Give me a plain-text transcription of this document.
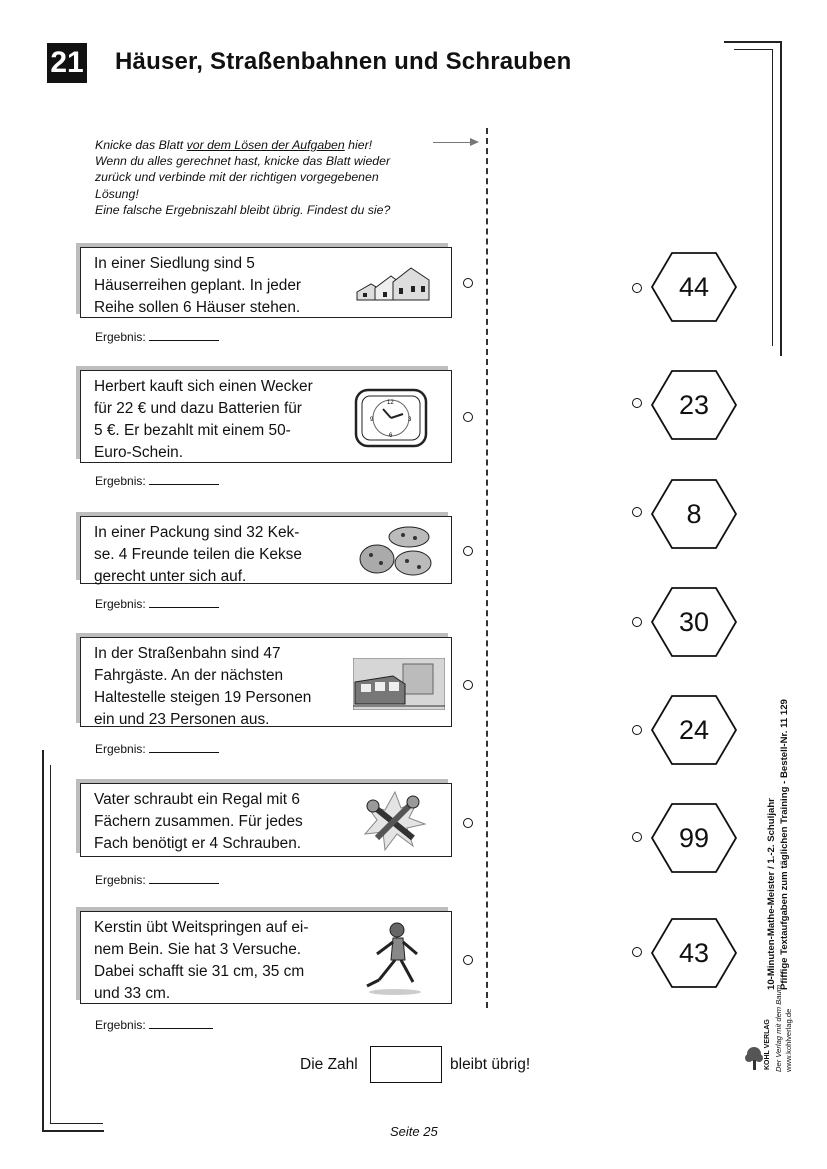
21 Häuser, Straßenbahnen und Schrauben
Knicke das Blatt vor dem Lösen der Aufgaben hier!
Wenn du alles gerechnet hast, knicke das Blatt wieder
zurück und verbinde mit der richtigen vorgegebenen
Lösung!
Eine falsche Ergebniszahl bleibt übrig. Findest du sie?
In einer Siedlung sind 5
Häuserreihen geplant. In jeder
Reihe sollen 6 Häuser stehen.
Ergebnis:
Herbert kauft sich einen Wecker
für 22 € und dazu Batterien für
5 €. Er bezahlt mit einem 50-
Euro-Schein.
12
3
6
9
Ergebnis:
In einer Packung sind 32 Kek-
se. 4 Freunde teilen die Kekse
gerecht unter sich auf.
Ergebnis:
In der Straßenbahn sind 47
Fahrgäste. An der nächsten
Haltestelle steigen 19 Personen
ein und 23 Personen aus.
Ergebnis:
Vater schraubt ein Regal mit 6
Fächern zusammen. Für jedes
Fach benötigt er 4 Schrauben.
Ergebnis:
Kerstin übt Weitspringen auf ei-
nem Bein. Sie hat 3 Versuche.
Dabei schafft sie 31 cm, 35 cm
und 33 cm.
Ergebnis:
44
23
8
30
24
99
43
Die Zahl	bleibt übrig!
Seite 25
10-Minuten-Mathe-Meister / 1.-2. Schuljahr Pfiffige Textaufgaben zum täglichen Training - Bestell-Nr. 11 129
KOHL VERLAG Der Verlag mit dem Baum www.kohlverlag.de
